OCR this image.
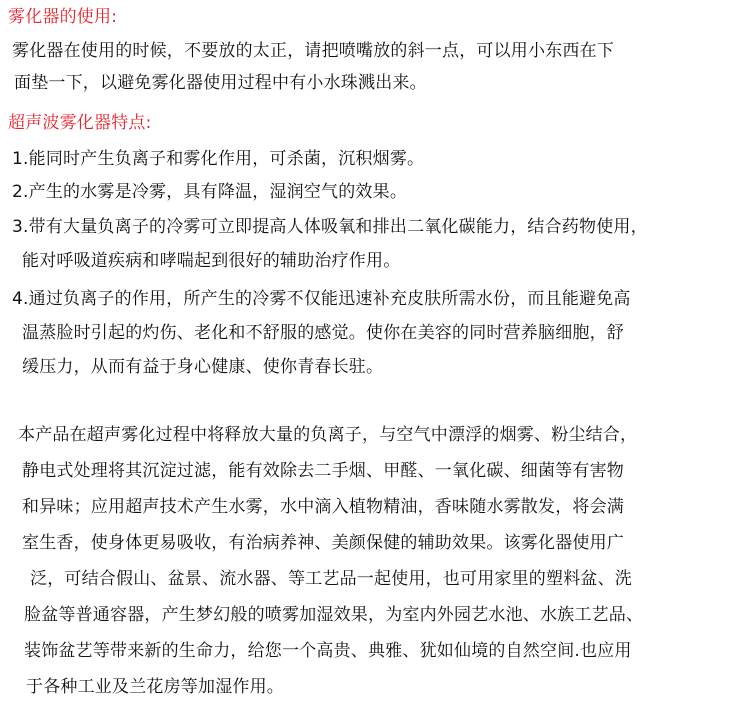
雾化器的使用:
雾化器在使用的时候，不要放的太正，请把喷嘴放的斜一点，可以用小东西在下
面垫一下，以避免雾化器使用过程中有小水珠溅出来。
超声波雾化器特点:
1.能同时产生负离子和雾化作用，可杀菌，沉积烟雾。
2.产生的水雾是冷雾，具有降温，湿润空气的效果。
3.带有大量负离子的冷雾可立即提高人体吸氧和排出二氧化碳能力，结合药物使用，
能对呼吸道疾病和哮喘起到很好的辅助治疗作用。
4.通过负离子的作用，所产生的冷雾不仅能迅速补充皮肤所需水份，而且能避免高
温蒸脸时引起的灼伤、老化和不舒服的感觉。使你在美容的同时营养脑细胞，舒
缓压力，从而有益于身心健康、使你青春长驻。
本产品在超声雾化过程中将释放大量的负离子，与空气中漂浮的烟雾、粉尘结合，
静电式处理将其沉淀过滤，能有效除去二手烟、甲醛、一氧化碳、细菌等有害物
和异味；应用超声技术产生水雾，水中滴入植物精油，香味随水雾散发，将会满
室生香，使身体更易吸收，有治病养神、美颜保健的辅助效果。该雾化器使用广
泛，可结合假山、盆景、流水器、等工艺品一起使用，也可用家里的塑料盆、洗
脸盆等普通容器，产生梦幻般的喷雾加湿效果，为室内外园艺水池、水族工艺品、
装饰盆艺等带来新的生命力，给您一个高贵、典雅、犹如仙境的自然空间.也应用
于各种工业及兰花房等加湿作用。
